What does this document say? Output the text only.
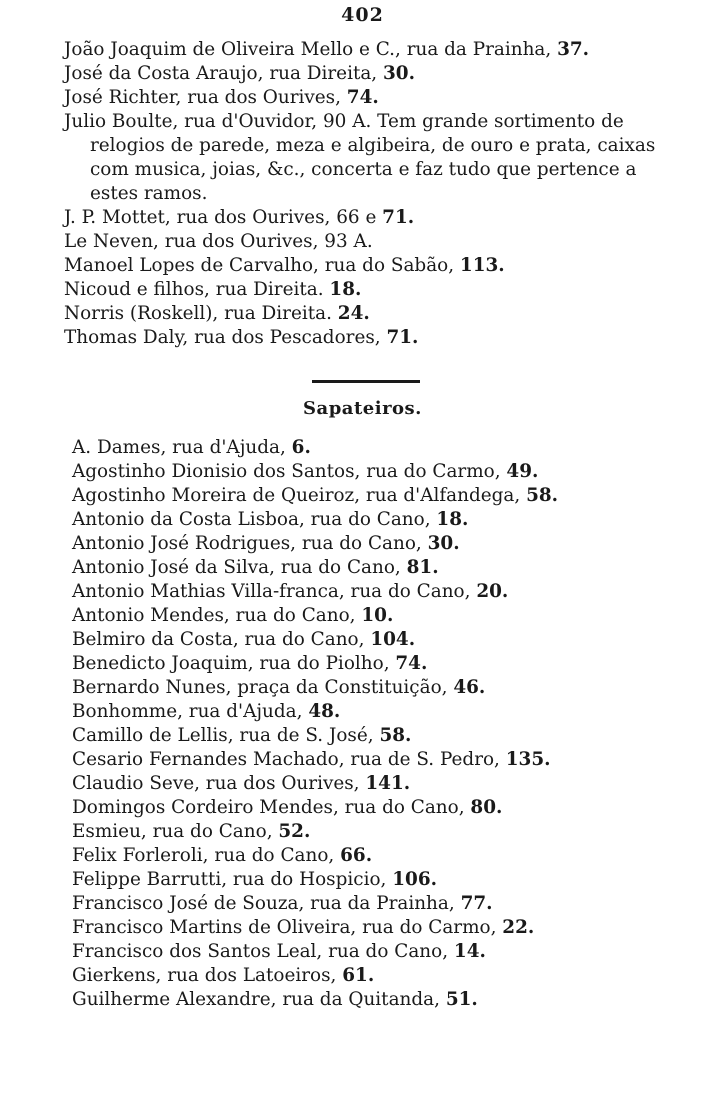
402

João Joaquim de Oliveira Mello e C., rua da Prainha, 37.

José da Costa Araujo, rua Direita, 30.

José Richter, rua dos Ourives, 74.

Julio Boulte, rua d'Ouvidor, 90 A. Tem grande sortimento de relogios de parede, meza e algibeira, de ouro e prata, caixas com musica, joias, &c., concerta e faz tudo que pertence a estes ramos.

J. P. Mottet, rua dos Ourives, 66 e 71.

Le Neven, rua dos Ourives, 93 A.

Manoel Lopes de Carvalho, rua do Sabão, 113.

Nicoud e filhos, rua Direita. 18.

Norris (Roskell), rua Direita. 24.

Thomas Daly, rua dos Pescadores, 71.

Sapateiros.

A. Dames, rua d'Ajuda, 6.

Agostinho Dionisio dos Santos, rua do Carmo, 49.

Agostinho Moreira de Queiroz, rua d'Alfandega, 58.

Antonio da Costa Lisboa, rua do Cano, 18.

Antonio José Rodrigues, rua do Cano, 30.

Antonio José da Silva, rua do Cano, 81.

Antonio Mathias Villa-franca, rua do Cano, 20.

Antonio Mendes, rua do Cano, 10.

Belmiro da Costa, rua do Cano, 104.

Benedicto Joaquim, rua do Piolho, 74.

Bernardo Nunes, praça da Constituição, 46.

Bonhomme, rua d'Ajuda, 48.

Camillo de Lellis, rua de S. José, 58.

Cesario Fernandes Machado, rua de S. Pedro, 135.

Claudio Seve, rua dos Ourives, 141.

Domingos Cordeiro Mendes, rua do Cano, 80.

Esmieu, rua do Cano, 52.

Felix Forleroli, rua do Cano, 66.

Felippe Barrutti, rua do Hospicio, 106.

Francisco José de Souza, rua da Prainha, 77.

Francisco Martins de Oliveira, rua do Carmo, 22.

Francisco dos Santos Leal, rua do Cano, 14.

Gierkens, rua dos Latoeiros, 61.

Guilherme Alexandre, rua da Quitanda, 51.
